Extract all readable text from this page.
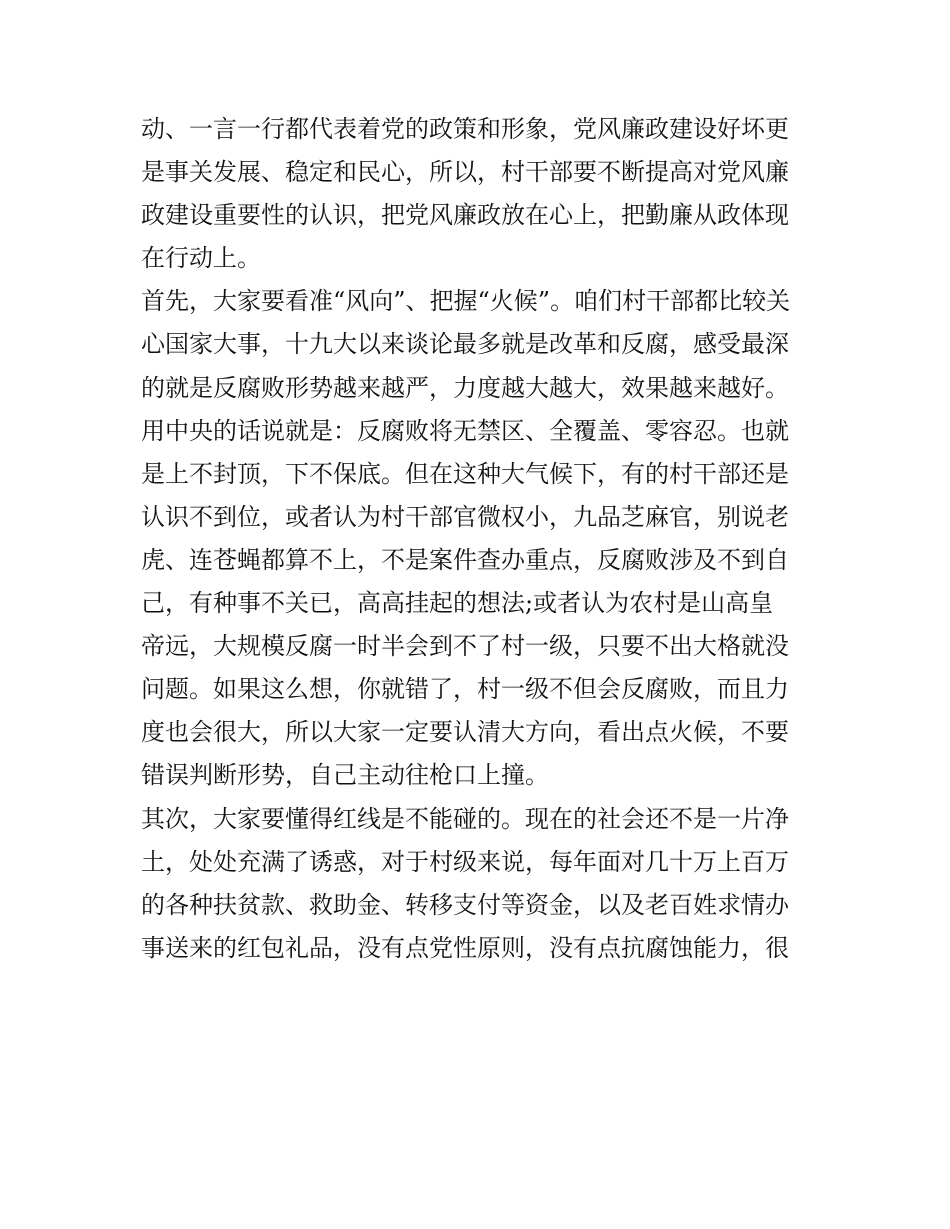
动、一言一行都代表着党的政策和形象，党风廉政建设好坏更
是事关发展、稳定和民心，所以，村干部要不断提高对党风廉
政建设重要性的认识，把党风廉政放在心上，把勤廉从政体现
在行动上。
首先，大家要看准“风向”、把握“火候”。咱们村干部都比较关
心国家大事，十九大以来谈论最多就是改革和反腐，感受最深
的就是反腐败形势越来越严，力度越大越大，效果越来越好。
用中央的话说就是：反腐败将无禁区、全覆盖、零容忍。也就
是上不封顶，下不保底。但在这种大气候下，有的村干部还是
认识不到位，或者认为村干部官微权小，九品芝麻官，别说老
虎、连苍蝇都算不上，不是案件查办重点，反腐败涉及不到自
己，有种事不关已，高高挂起的想法;或者认为农村是山高皇
帝远，大规模反腐一时半会到不了村一级，只要不出大格就没
问题。如果这么想，你就错了，村一级不但会反腐败，而且力
度也会很大，所以大家一定要认清大方向，看出点火候，不要
错误判断形势，自己主动往枪口上撞。
其次，大家要懂得红线是不能碰的。现在的社会还不是一片净
土，处处充满了诱惑，对于村级来说，每年面对几十万上百万
的各种扶贫款、救助金、转移支付等资金，以及老百姓求情办
事送来的红包礼品，没有点党性原则，没有点抗腐蚀能力，很
